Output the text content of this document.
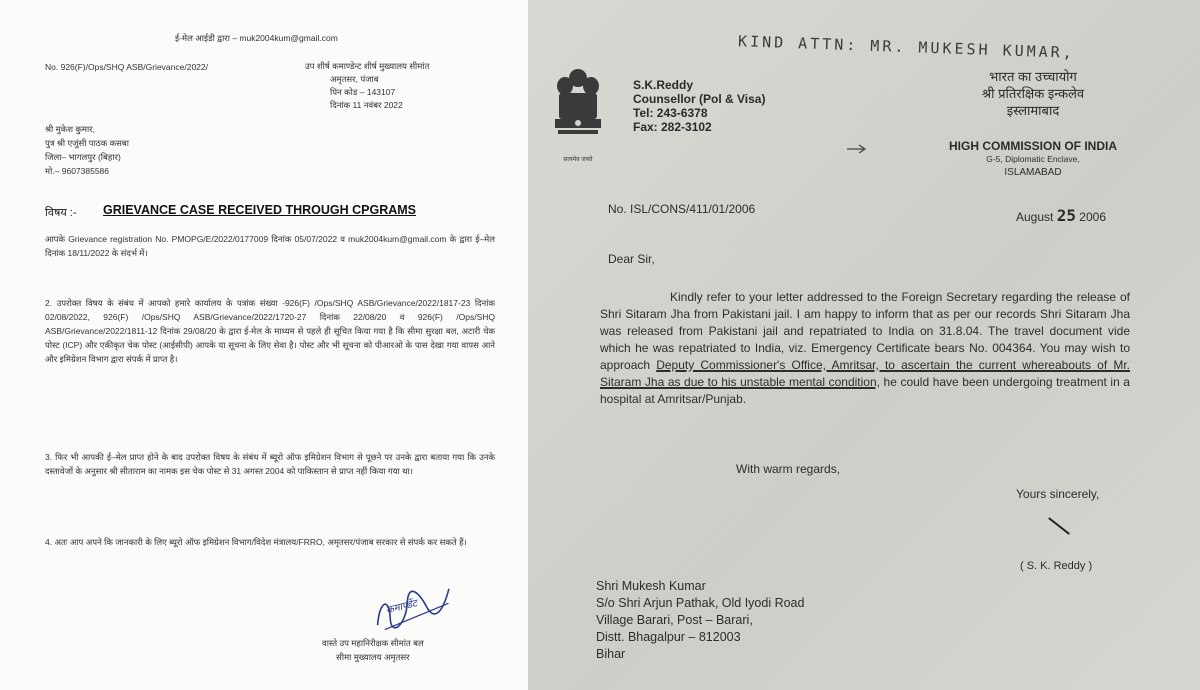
ई-मेल आईडी द्वारा – muk2004kum@gmail.com
No. 926(F)/Ops/SHQ ASB/Grievance/2022/	उप शीर्ष कमाण्डेन्ट शीर्ष मुख्यालय सीमांत
अमृतसर, पंजाब
पिन कोड – 143107
दिनांक 11 नवंबर 2022
श्री मुकेश कुमार,
पुत्र श्री एजुंसी पाठक कसबा
जिला– भागलपुर (बिहार)
मो.– 9607385586
विषय :- GRIEVANCE CASE RECEIVED THROUGH CPGRAMS
आपके Grievance registration No. PMOPG/E/2022/0177009 दिनांक 05/07/2022 व muk2004kum@gmail.com के द्वारा ई–मेल दिनांक 18/11/2022 के संदर्भ में।
2. उपरोक्त विषय के संबंध में आपको हमारे कार्यालय के पत्रांक संख्या -926(F) /Ops/SHQ ASB/Grievance/2022/1817-23 दिनांक 02/08/2022, 926(F) /Ops/SHQ ASB/Grievance/2022/1720-27 दिनांक 22/08/20 व 926(F) /Ops/SHQ ASB/Grievance/2022/1811-12 दिनांक 29/08/20 के द्वारा ई-मेल के माध्यम से पहले ही सूचित किया गया है कि सीमा सुरक्षा बल, अटारी चेक पोस्ट (ICP) और एकीकृत चेक पोस्ट (आईसीपी) आपके या सूचना के लिए सेवा है। पोस्ट और भी सूचना को पीआरओ के पास देखा गया वापस आने और इमिग्रेशन विभाग द्वारा संपर्क में प्राप्त है।
3. फिर भी आपकी ई–मेल प्राप्त होने के बाद उपरोक्त विषय के संबंध में ब्यूरो ऑफ इमिग्रेशन विभाग से पूछने पर उनके द्वारा बताया गया कि उनके दस्तावेजों के अनुसार श्री सीताराम का नामक इस चेक पोस्ट से 31 अगस्त 2004 को पाकिस्तान से प्राप्त नहीं किया गया था।
4. अतः आप अपने कि जानकारी के लिए ब्यूरो ऑफ इमिग्रेशन विभाग/विदेश मंत्रालय/FRRO, अमृतसर/पंजाब सरकार से संपर्क कर सकते हैं।
कमाण्डेंट
वास्ते उप महानिरीक्षक सीमांत बल
सीमा मुख्यालय अमृतसर
KIND ATTN: MR. MUKESH KUMAR,
सत्यमेव जयते
S.K.Reddy
Counsellor (Pol & Visa)
Tel: 243-6378
Fax: 282-3102
भारत का उच्चायोग
श्री प्रतिरक्षिक इन्कलेव
इस्लामाबाद
HIGH COMMISSION OF INDIA
G-5, Diplomatic Enclave,
ISLAMABAD
No. ISL/CONS/411/01/2006
August 25 2006
Dear Sir,
Kindly refer to your letter addressed to the Foreign Secretary regarding the release of Shri Sitaram Jha from Pakistani jail. I am happy to inform that as per our records Shri Sitaram Jha was released from Pakistani jail and repatriated to India on 31.8.04. The travel document vide which he was repatriated to India, viz. Emergency Certificate bears No. 004364. You may wish to approach Deputy Commissioner's Office, Amritsar, to ascertain the current whereabouts of Mr. Sitaram Jha as due to his unstable mental condition, he could have been undergoing treatment in a hospital at Amritsar/Punjab.
With warm regards,
Yours sincerely,
( S. K. Reddy )
Shri Mukesh Kumar
S/o Shri Arjun Pathak, Old Iyodi Road
Village Barari, Post – Barari,
Distt. Bhagalpur – 812003
Bihar
